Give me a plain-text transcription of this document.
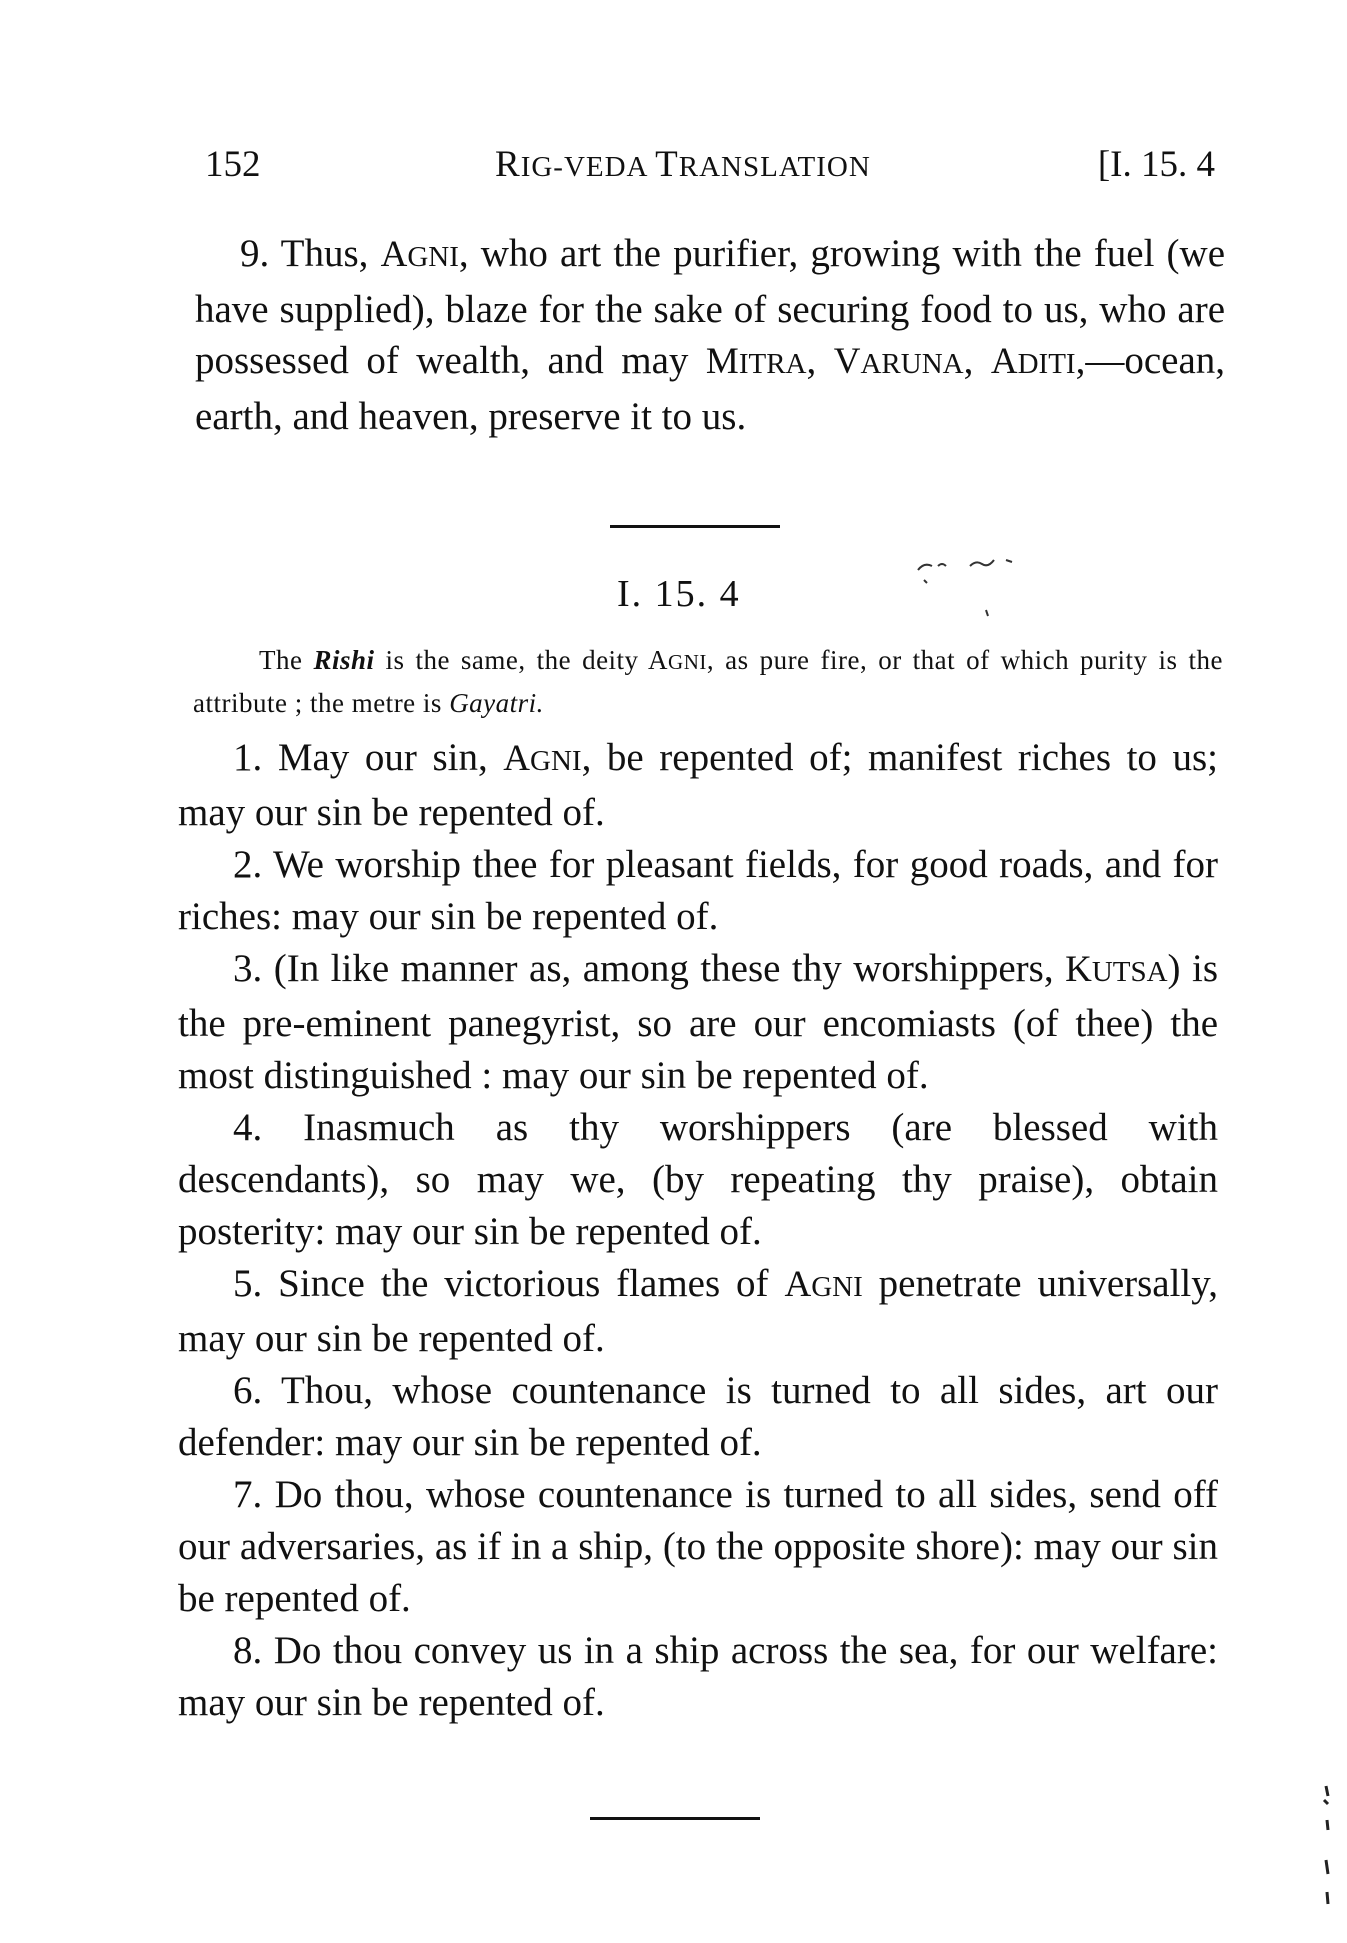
152	RIG-VEDA TRANSLATION	[I. 15. 4
9. Thus, AGNI, who art the purifier, growing with the fuel (we have supplied), blaze for the sake of securing food to us, who are possessed of wealth, and may MITRA, VARUNA, ADITI,—ocean, earth, and heaven, preserve it to us.
I. 15. 4
The Rishi is the same, the deity AGNI, as pure fire, or that of which purity is the attribute ; the metre is Gayatri.

1. May our sin, AGNI, be repented of; manifest riches to us; may our sin be repented of.

2. We worship thee for pleasant fields, for good roads, and for riches: may our sin be repented of.

3. (In like manner as, among these thy worshippers, KUTSA) is the pre-eminent panegyrist, so are our encomiasts (of thee) the most distinguished : may our sin be repented of.

4. Inasmuch as thy worshippers (are blessed with descendants), so may we, (by repeating thy praise), obtain posterity: may our sin be repented of.

5. Since the victorious flames of AGNI penetrate universally, may our sin be repented of.

6. Thou, whose countenance is turned to all sides, art our defender: may our sin be repented of.

7. Do thou, whose countenance is turned to all sides, send off our adversaries, as if in a ship, (to the opposite shore): may our sin be repented of.

8. Do thou convey us in a ship across the sea, for our welfare: may our sin be repented of.
